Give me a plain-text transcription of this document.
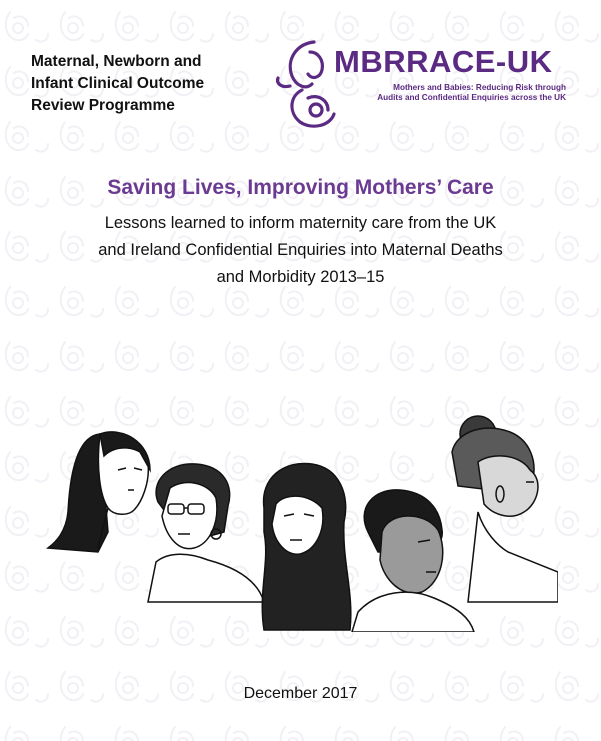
Maternal, Newborn and
Infant Clinical Outcome
Review Programme
MBRRACE-UK
Mothers and Babies: Reducing Risk through
Audits and Confidential Enquiries across the UK
Saving Lives, Improving Mothers’ Care
Lessons learned to inform maternity care from the UK
and Ireland Confidential Enquiries into Maternal Deaths
and Morbidity 2013–15
December 2017
